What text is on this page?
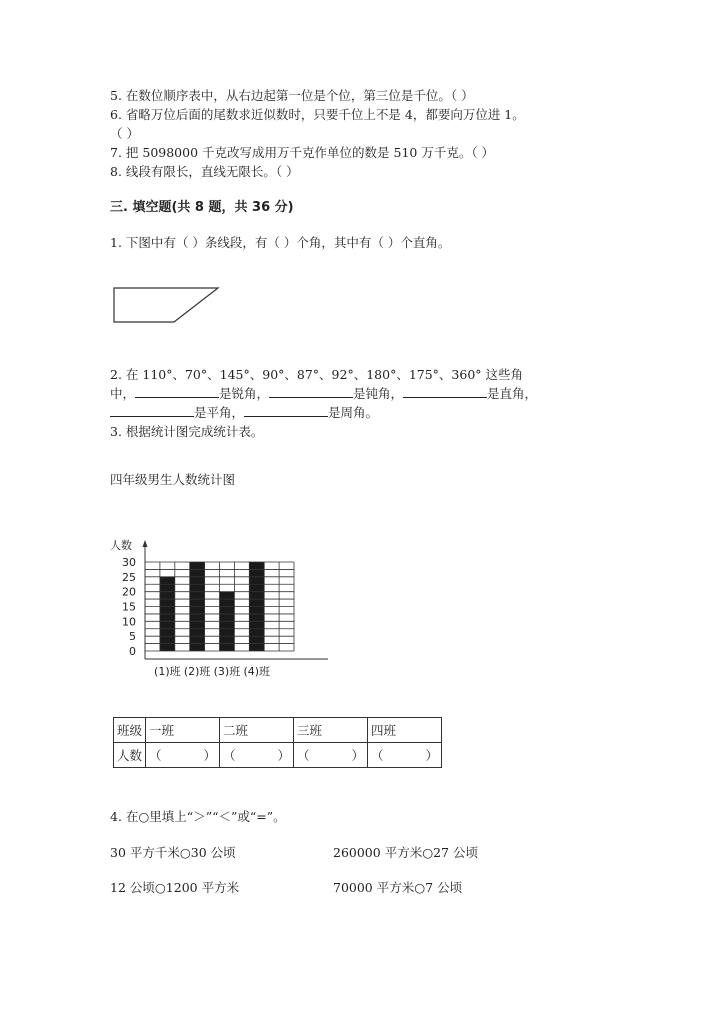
5. 在数位顺序表中，从右边起第一位是个位，第三位是千位。（ ）
6. 省略万位后面的尾数求近似数时，只要千位上不是 4，都要向万位进 1。
（ ）
7. 把 5098000 千克改写成用万千克作单位的数是 510 万千克。（ ）
8. 线段有限长，直线无限长。（ ）
三. 填空题(共 8 题，共 36 分)
1. 下图中有（ ）条线段，有（ ）个角，其中有（ ）个直角。
2. 在 110°、70°、145°、90°、87°、92°、180°、175°、360° 这些角
中，	是锐角，	是钝角，	是直角，
是平角，	是周角。
3. 根据统计图完成统计表。
四年级男生人数统计图
人数
0
5
10
15
20
25
30
(1)班 (2)班 (3)班 (4)班
班级	一班	二班	三班	四班
人数	（ ）	（ ）	（ ）	（ ）
4. 在○里填上“＞”“＜”或“=”。
30 平方千米○30 公顷	260000 平方米○27 公顷
12 公顷○1200 平方米	70000 平方米○7 公顷
